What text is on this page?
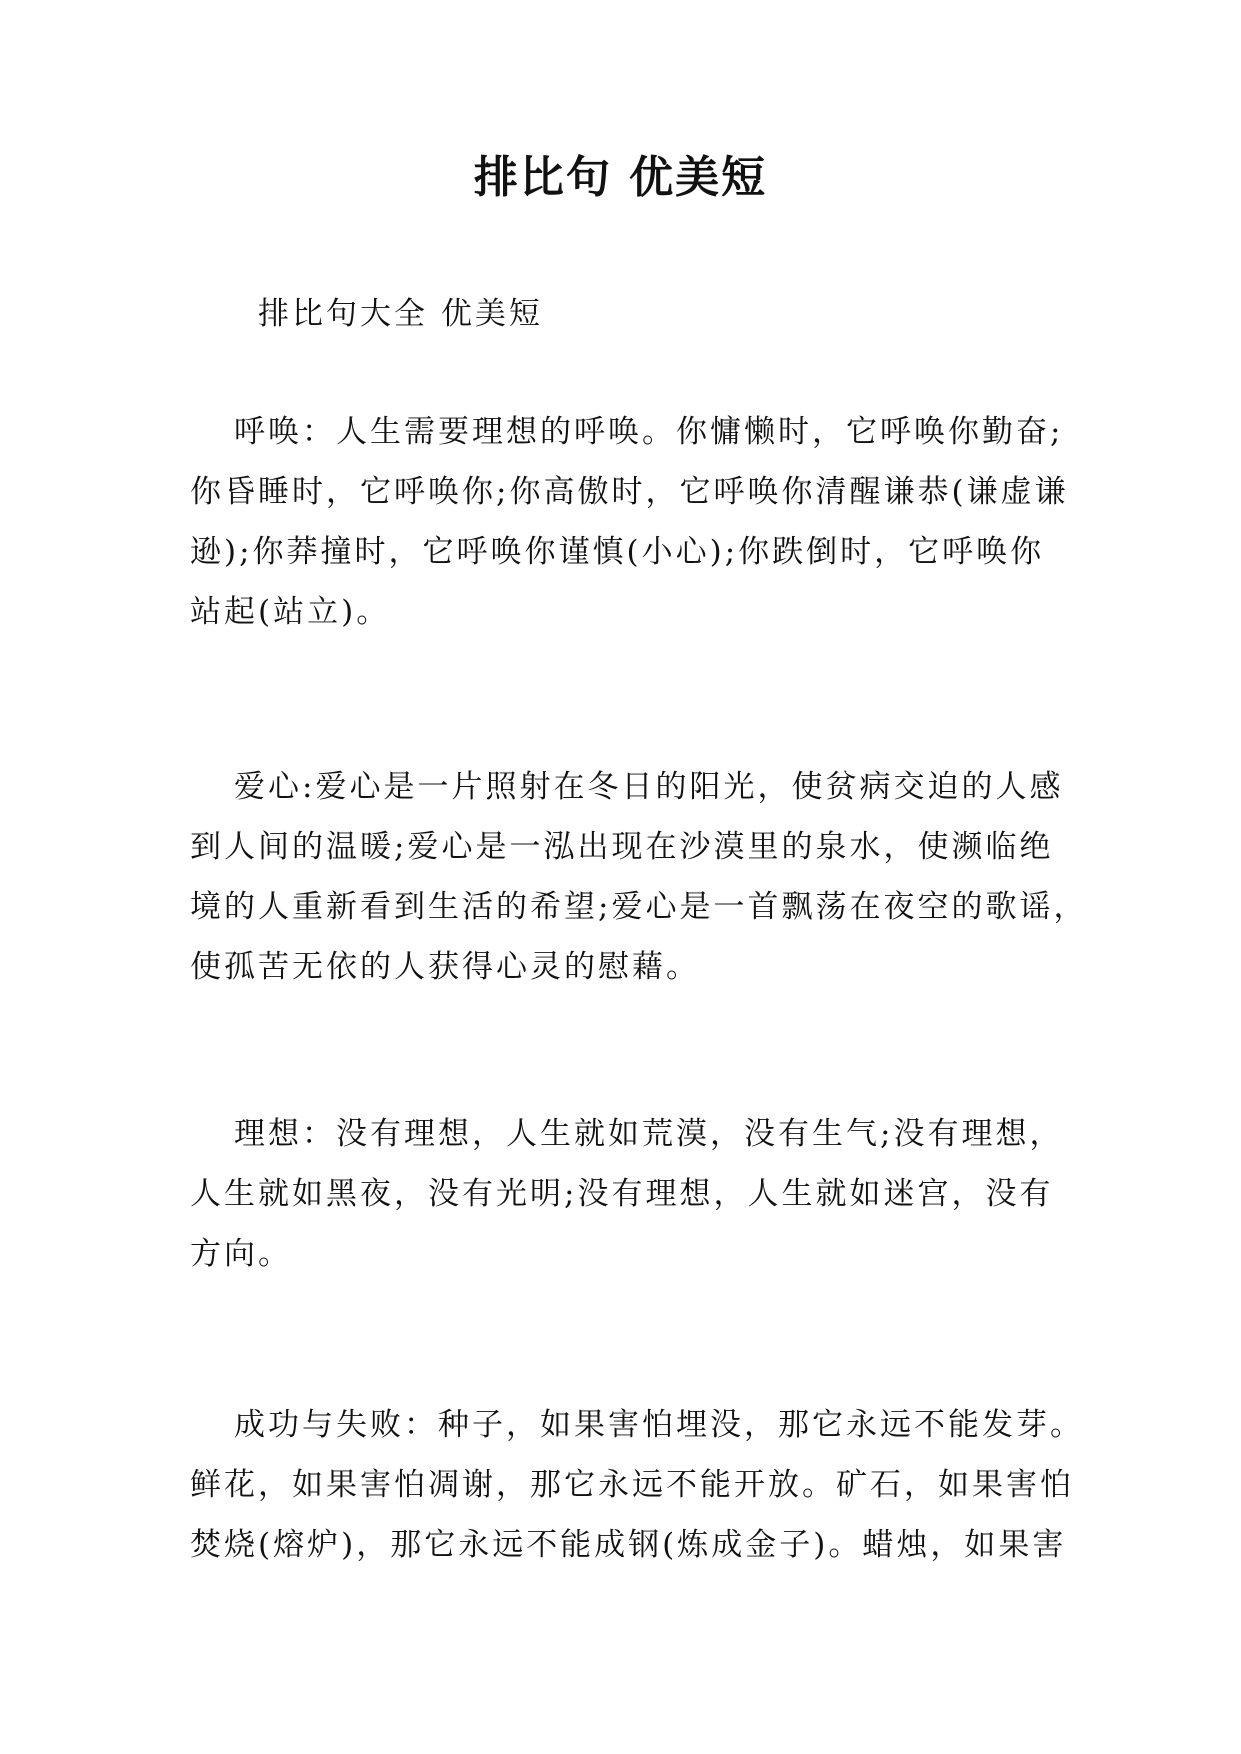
排比句 优美短
排比句大全 优美短
呼唤：人生需要理想的呼唤。你慵懒时，它呼唤你勤奋;
你昏睡时，它呼唤你;你高傲时，它呼唤你清醒谦恭(谦虚谦
逊);你莽撞时，它呼唤你谨慎(小心);你跌倒时，它呼唤你
站起(站立)。
爱心:爱心是一片照射在冬日的阳光，使贫病交迫的人感
到人间的温暖;爱心是一泓出现在沙漠里的泉水，使濒临绝
境的人重新看到生活的希望;爱心是一首飘荡在夜空的歌谣，
使孤苦无依的人获得心灵的慰藉。
理想：没有理想，人生就如荒漠，没有生气;没有理想，
人生就如黑夜，没有光明;没有理想，人生就如迷宫，没有
方向。
成功与失败：种子，如果害怕埋没，那它永远不能发芽。
鲜花，如果害怕凋谢，那它永远不能开放。矿石，如果害怕
焚烧(熔炉)，那它永远不能成钢(炼成金子)。蜡烛，如果害
